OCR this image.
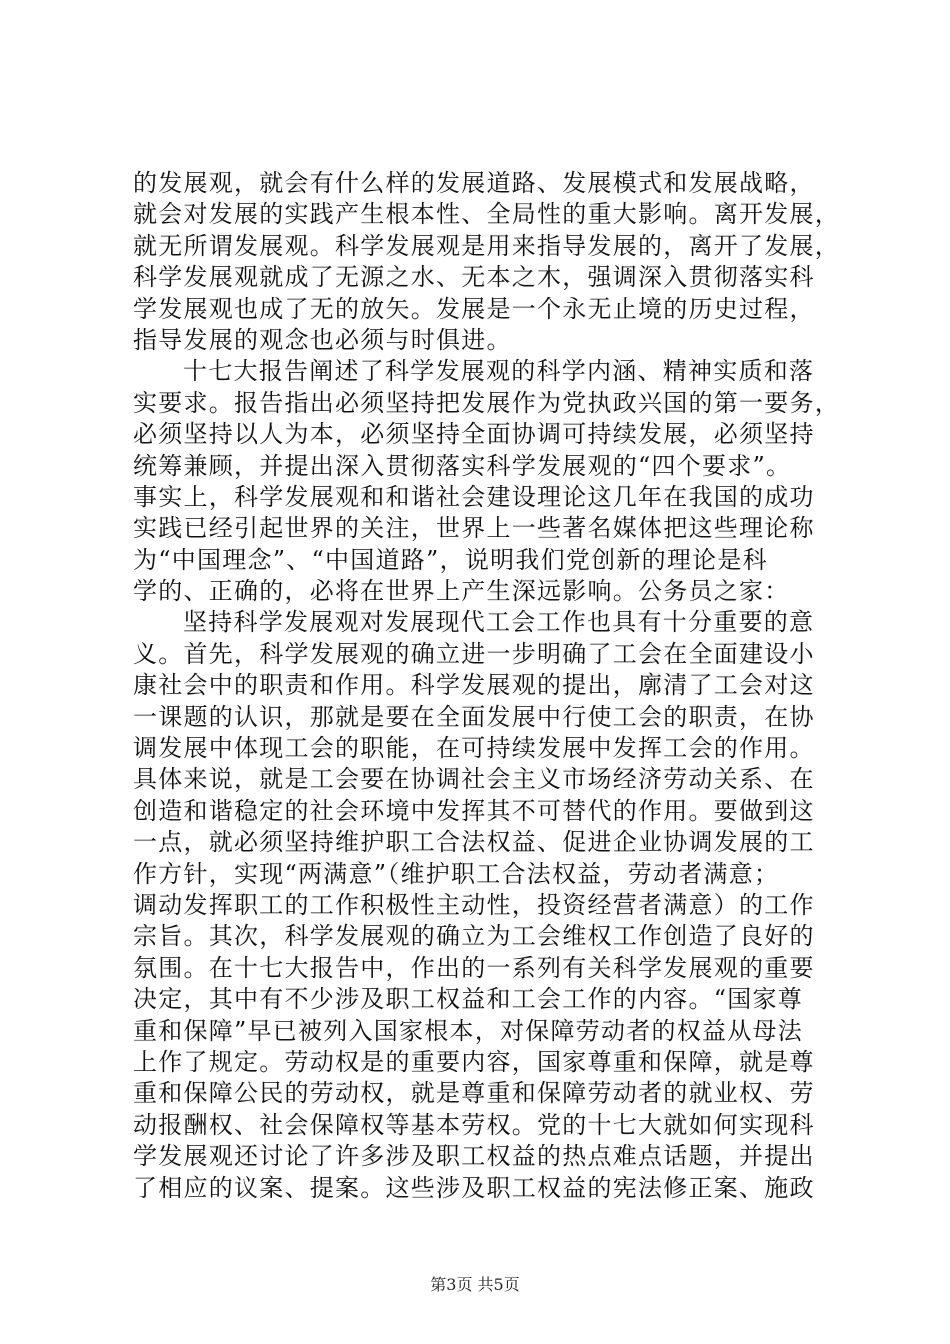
的发展观，就会有什么样的发展道路、发展模式和发展战略，
就会对发展的实践产生根本性、全局性的重大影响。离开发展，
就无所谓发展观。科学发展观是用来指导发展的，离开了发展，
科学发展观就成了无源之水、无本之木，强调深入贯彻落实科
学发展观也成了无的放矢。发展是一个永无止境的历史过程，
指导发展的观念也必须与时俱进。
十七大报告阐述了科学发展观的科学内涵、精神实质和落
实要求。报告指出必须坚持把发展作为党执政兴国的第一要务，
必须坚持以人为本，必须坚持全面协调可持续发展，必须坚持
统筹兼顾，并提出深入贯彻落实科学发展观的“四个要求”。
事实上，科学发展观和和谐社会建设理论这几年在我国的成功
实践已经引起世界的关注，世界上一些著名媒体把这些理论称
为“中国理念”、“中国道路”，说明我们党创新的理论是科
学的、正确的，必将在世界上产生深远影响。公务员之家：
坚持科学发展观对发展现代工会工作也具有十分重要的意
义。首先，科学发展观的确立进一步明确了工会在全面建设小
康社会中的职责和作用。科学发展观的提出，廓清了工会对这
一课题的认识，那就是要在全面发展中行使工会的职责，在协
调发展中体现工会的职能，在可持续发展中发挥工会的作用。
具体来说，就是工会要在协调社会主义市场经济劳动关系、在
创造和谐稳定的社会环境中发挥其不可替代的作用。要做到这
一点，就必须坚持维护职工合法权益、促进企业协调发展的工
作方针，实现“两满意”（维护职工合法权益，劳动者满意；
调动发挥职工的工作积极性主动性，投资经营者满意）的工作
宗旨。其次，科学发展观的确立为工会维权工作创造了良好的
氛围。在十七大报告中，作出的一系列有关科学发展观的重要
决定，其中有不少涉及职工权益和工会工作的内容。“国家尊
重和保障”早已被列入国家根本，对保障劳动者的权益从母法
上作了规定。劳动权是的重要内容，国家尊重和保障，就是尊
重和保障公民的劳动权，就是尊重和保障劳动者的就业权、劳
动报酬权、社会保障权等基本劳权。党的十七大就如何实现科
学发展观还讨论了许多涉及职工权益的热点难点话题，并提出
了相应的议案、提案。这些涉及职工权益的宪法修正案、施政
第3页 共5页
